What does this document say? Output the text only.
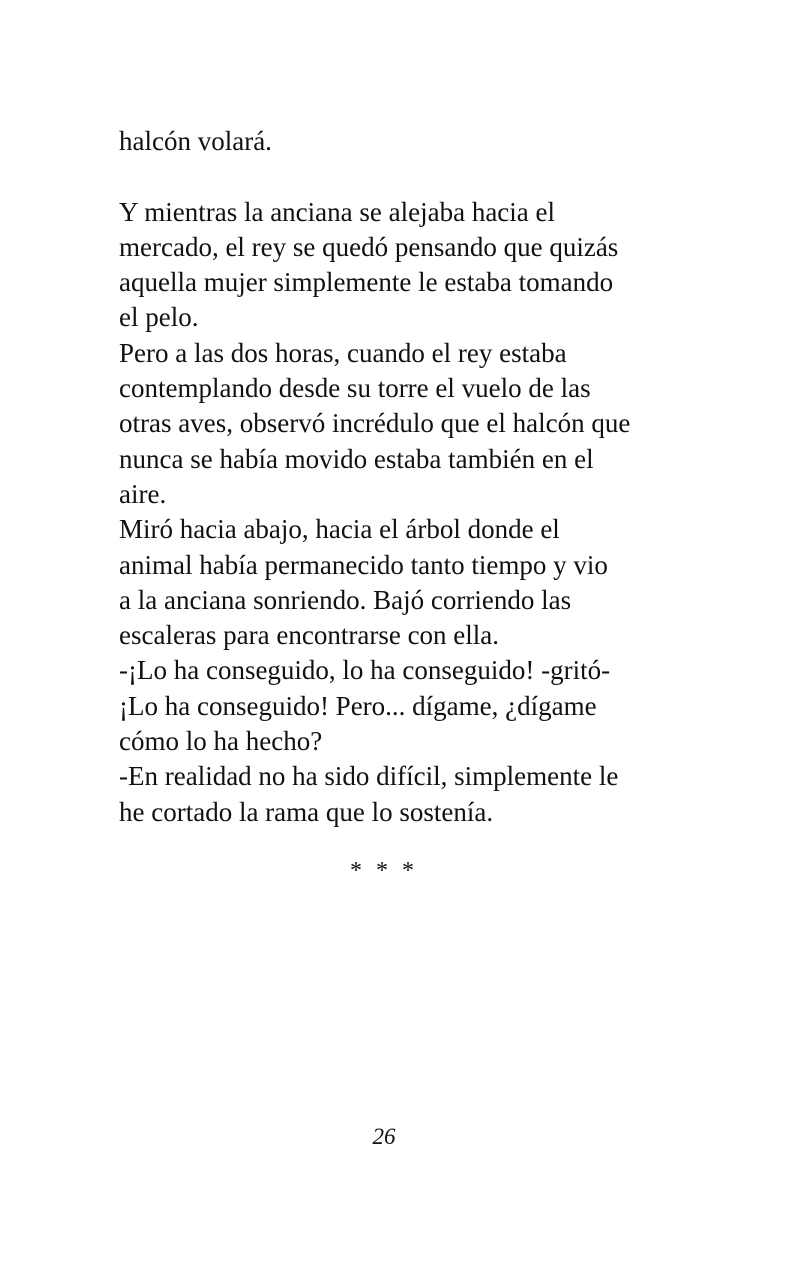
halcón volará.
Y mientras la anciana se alejaba hacia el
mercado, el rey se quedó pensando que quizás
aquella mujer simplemente le estaba tomando
el pelo.
Pero a las dos horas, cuando el rey estaba
contemplando desde su torre el vuelo de las
otras aves, observó incrédulo que el halcón que
nunca se había movido estaba también en el
aire.
Miró hacia abajo, hacia el árbol donde el
animal había permanecido tanto tiempo y vio
a la anciana sonriendo. Bajó corriendo las
escaleras para encontrarse con ella.
-¡Lo ha conseguido, lo ha conseguido! -gritó-
¡Lo ha conseguido! Pero... dígame, ¿dígame
cómo lo ha hecho?
-En realidad no ha sido difícil, simplemente le
he cortado la rama que lo sostenía.
* * *
26
